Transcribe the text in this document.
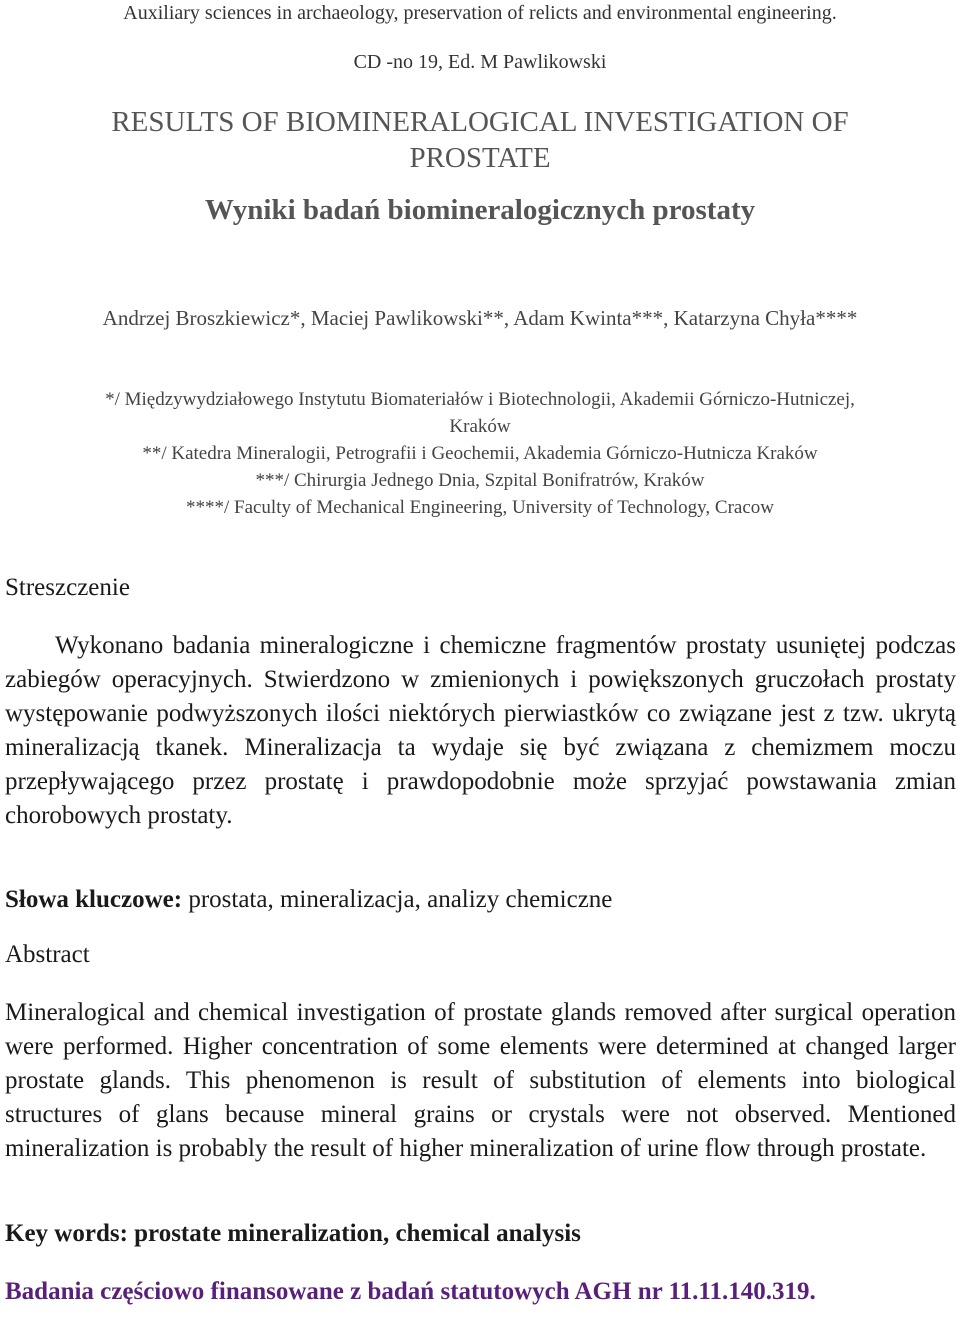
Auxiliary sciences in archaeology, preservation of relicts and environmental engineering.
CD -no 19, Ed. M Pawlikowski
RESULTS OF BIOMINERALOGICAL INVESTIGATION OF
PROSTATE
Wyniki badań biomineralogicznych prostaty
Andrzej Broszkiewicz*, Maciej Pawlikowski**, Adam Kwinta***, Katarzyna Chyła****
*/ Międzywydziałowego Instytutu Biomateriałów i Biotechnologii, Akademii Górniczo-Hutniczej,
Kraków
**/ Katedra Mineralogii, Petrografii i Geochemii, Akademia Górniczo-Hutnicza Kraków
***/ Chirurgia Jednego Dnia, Szpital Bonifratrów, Kraków
****/ Faculty of Mechanical Engineering, University of Technology, Cracow
Streszczenie

Wykonano badania mineralogiczne i chemiczne fragmentów prostaty usuniętej podczas zabiegów operacyjnych. Stwierdzono w zmienionych i powiększonych gruczołach prostaty występowanie podwyższonych ilości niektórych pierwiastków co związane jest z tzw. ukrytą mineralizacją tkanek. Mineralizacja ta wydaje się być związana z chemizmem moczu przepływającego przez prostatę i prawdopodobnie może sprzyjać powstawania zmian chorobowych prostaty.

Słowa kluczowe: prostata, mineralizacja, analizy chemiczne
Abstract

Mineralogical and chemical investigation of prostate glands removed after surgical operation were performed. Higher concentration of some elements were determined at changed larger prostate glands. This phenomenon is result of substitution of elements into biological structures of glans because mineral grains or crystals were not observed. Mentioned mineralization is probably the result of higher mineralization of urine flow through prostate.

Key words: prostate mineralization, chemical analysis
Badania częściowo finansowane z badań statutowych AGH nr 11.11.140.319.
